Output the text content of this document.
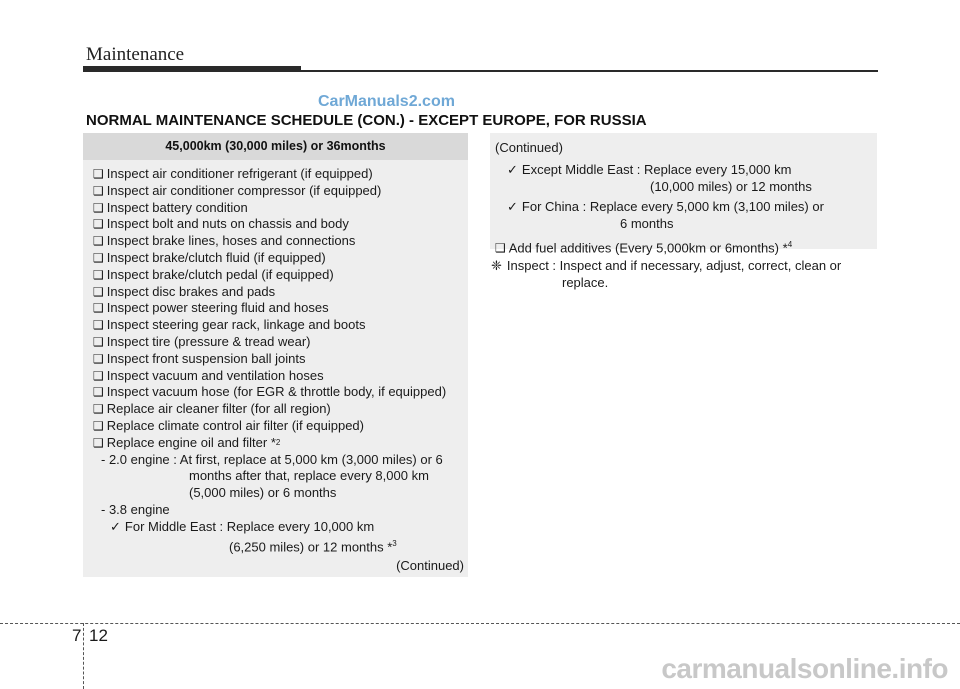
Maintenance
CarManuals2.com
NORMAL MAINTENANCE SCHEDULE (CON.) - EXCEPT EUROPE, FOR RUSSIA
45,000km (30,000 miles) or 36months
❑ Inspect air conditioner refrigerant (if equipped)
❑ Inspect air conditioner compressor (if equipped)
❑ Inspect battery condition
❑ Inspect bolt and nuts on chassis and body
❑ Inspect brake lines, hoses and connections
❑ Inspect brake/clutch fluid (if equipped)
❑ Inspect brake/clutch pedal (if equipped)
❑ Inspect disc brakes and pads
❑ Inspect power steering fluid and hoses
❑ Inspect steering gear rack, linkage and boots
❑ Inspect tire (pressure & tread wear)
❑ Inspect front suspension ball joints
❑ Inspect vacuum and ventilation hoses
❑ Inspect vacuum hose (for EGR & throttle body, if equipped)
❑ Replace air cleaner filter (for all region)
❑ Replace climate control air filter (if equipped)
❑ Replace engine oil and filter * 2
- 2.0 engine : At first, replace at 5,000 km (3,000 miles) or 6
months after that, replace every 8,000 km
(5,000 miles) or 6 months
- 3.8 engine
✓ For Middle East : Replace every 10,000 km
(6,250 miles) or 12 months *$^3$
(Continued)
(Continued)
✓ Except Middle East : Replace every 15,000 km
(10,000 miles) or 12 months
✓ For China : Replace every 5,000 km (3,100 miles) or
6 months
❑ Add fuel additives (Every 5,000km or 6months) *$^4$
❈ Inspect : Inspect and if necessary, adjust, correct, clean or
replace.
7 12
carmanualsonline.info
